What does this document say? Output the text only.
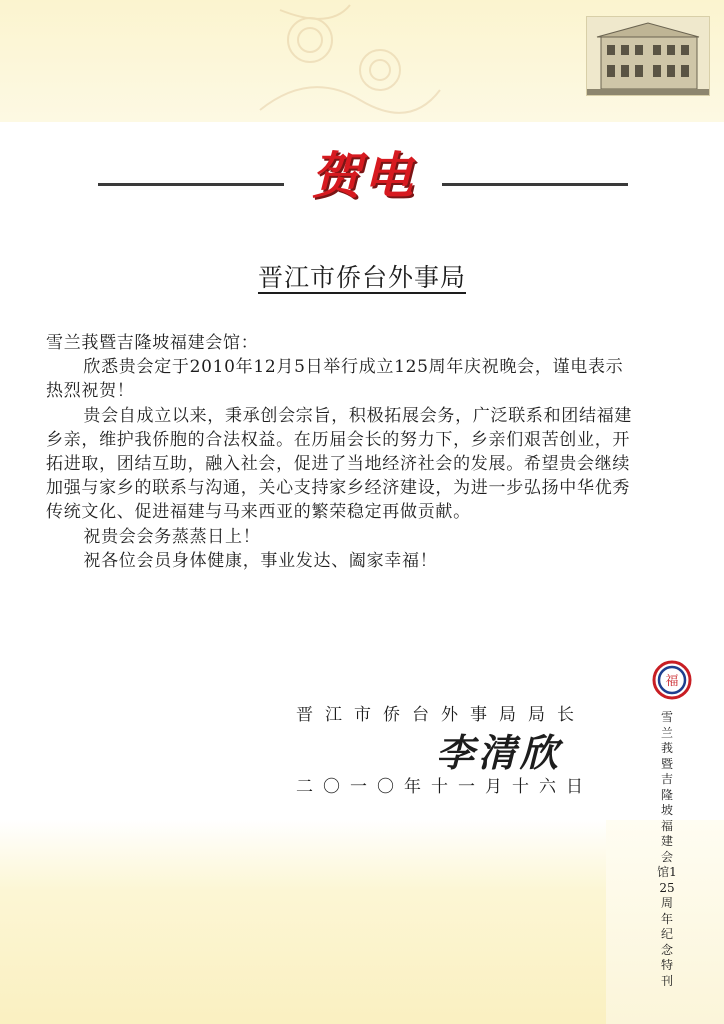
贺电
晋江市侨台外事局

雪兰莪暨吉隆坡福建会馆：

欣悉贵会定于2010年12月5日举行成立125周年庆祝晚会，谨电表示热烈祝贺！

贵会自成立以来，秉承创会宗旨，积极拓展会务，广泛联系和团结福建乡亲，维护我侨胞的合法权益。在历届会长的努力下，乡亲们艰苦创业，开拓进取，团结互助，融入社会，促进了当地经济社会的发展。希望贵会继续加强与家乡的联系与沟通，关心支持家乡经济建设，为进一步弘扬中华优秀传统文化、促进福建与马来西亚的繁荣稳定再做贡献。

祝贵会会务蒸蒸日上！

祝各位会员身体健康，事业发达、阖家幸福！

晋江市侨台外事局局长
李清欣
二〇一〇年十一月十六日
福
雪兰莪暨吉隆坡福建会馆125周年纪念特刊
